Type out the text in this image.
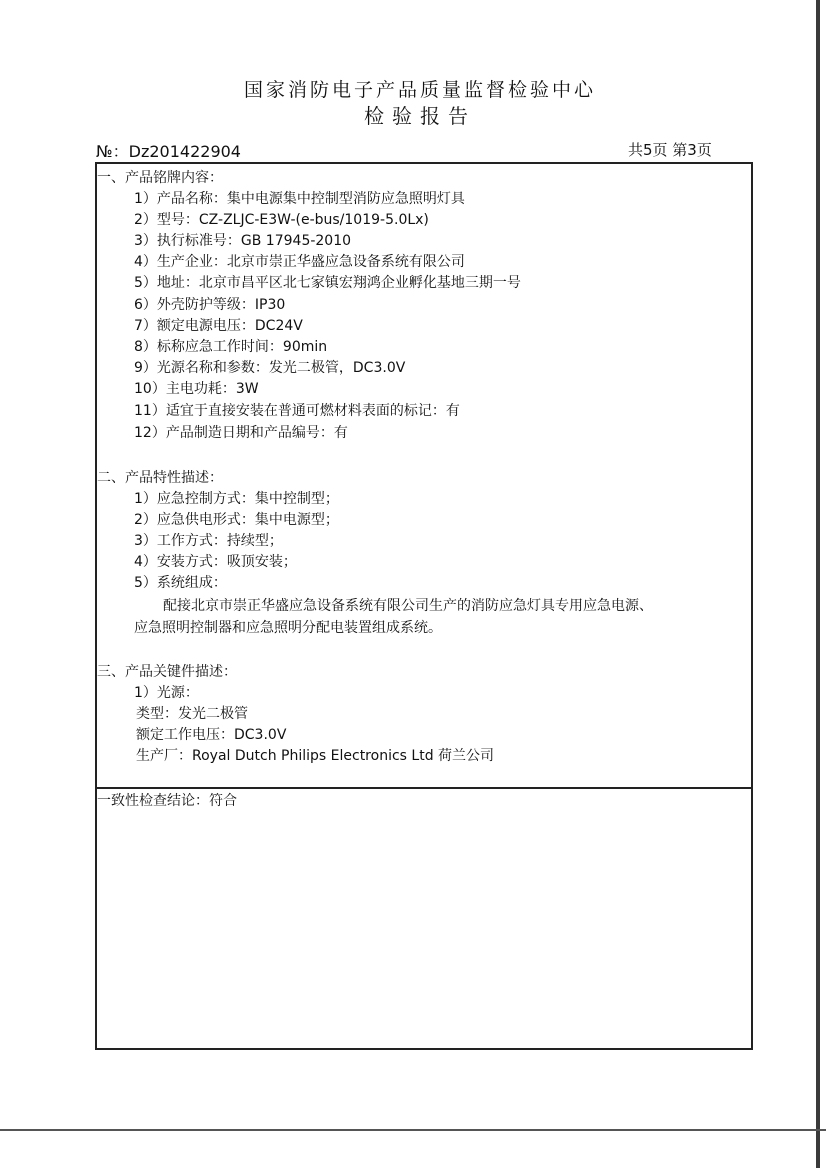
国家消防电子产品质量监督检验中心
检验报告
№：Dz201422904	共5页 第3页
一、产品铭牌内容：
1）产品名称：集中电源集中控制型消防应急照明灯具
2）型号：CZ-ZLJC-E3W-(e-bus/1019-5.0Lx)
3）执行标准号：GB 17945-2010
4）生产企业：北京市崇正华盛应急设备系统有限公司
5）地址：北京市昌平区北七家镇宏翔鸿企业孵化基地三期一号
6）外壳防护等级：IP30
7）额定电源电压：DC24V
8）标称应急工作时间：90min
9）光源名称和参数：发光二极管，DC3.0V
10）主电功耗：3W
11）适宜于直接安装在普通可燃材料表面的标记：有
12）产品制造日期和产品编号：有
二、产品特性描述：
1）应急控制方式：集中控制型；
2）应急供电形式：集中电源型；
3）工作方式：持续型；
4）安装方式：吸顶安装；
5）系统组成：
配接北京市崇正华盛应急设备系统有限公司生产的消防应急灯具专用应急电源、
应急照明控制器和应急照明分配电装置组成系统。
三、产品关键件描述：
1）光源：
类型：发光二极管
额定工作电压：DC3.0V
生产厂：Royal Dutch Philips Electronics Ltd 荷兰公司
一致性检查结论：符合
